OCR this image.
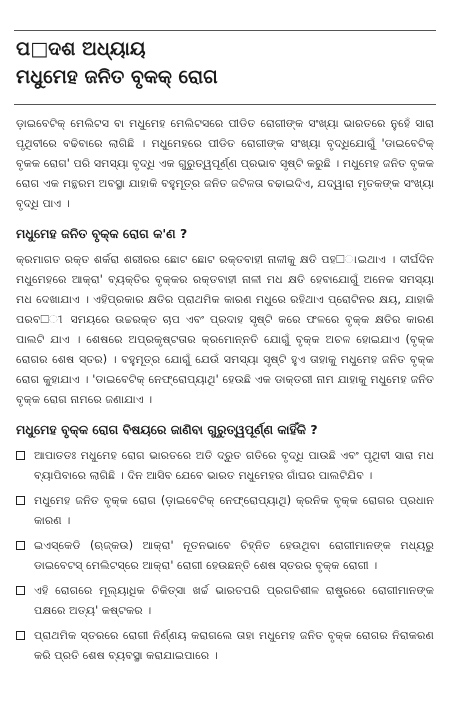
ପ□ଦଶ ଅଧ୍ୟାୟ
ମଧୁମେହ ଜନିତ ବୃକକ୍ ରୋଗ

ଡ଼ାଇବେଟିକ୍ ମେଲିଟସ ବା ମଧୁମେହ ମେଲିଟସରେ ପୀଡିତ ରୋଗୀଙ୍କ ସଂଖ୍ୟା ଭାରତରେ ନୁହେଁ ସାରା ପୃଥିବୀରେ ବଢିବାରେ ଲାଗିଛି । ମଧୁମେହରେ ପୀଡିତ ରୋଗୀଙ୍କ ସଂଖ୍ୟା ବୃଦ୍ଧିଯୋଗୁଁ 'ଡାଇବେଟିକ୍ ବୃକକ ରୋଗ' ପରି ସମସ୍ୟା ବୃଦ୍ଧି ଏକ ଗୁରୁତ୍ୱପୂର୍ଣ୍ଣ ପ୍ରଭାବ ସୃଷ୍ଟି କରୁଛି । ମଧୁମେହ ଜନିତ ବୃକକ ରୋଗ ଏକ ମନ୍ଥରମ ଅବସ୍ଥା ଯାହାକି ବହୁମୂତ୍ର ଜନିତ ଜଟିଳତା ବଢାଇଦିଏ, ଯଦ୍ୱାରା ମୃତକଙ୍କ ସଂଖ୍ୟା ବୃଦ୍ଧି ପାଏ ।

ମଧୁମେହ ଜନିତ ବୃକ୍କ ରୋଗ କ'ଣ ?

କ୍ରମାଗତ ରକ୍ତ ଶର୍କରା ଶରୀରର ଛୋଟ ଛୋଟ ରକ୍ତବାହୀ ନାଳୀକୁ କ୍ଷତି ପହ□ାଇଥାଏ । ଦୀର୍ଘଦିନ ମଧୁମେହରେ ଆକ୍ରା' ବ୍ୟକ୍ତିର ବୃକ୍କର ରକ୍ତବାହୀ ନାଳୀ ମଧ କ୍ଷତି ହେବାଯୋଗୁଁ ଅନେକ ସମସ୍ୟା ମଧ ଦେଖାଯାଏ । ଏହିପ୍ରକାର କ୍ଷତିର ପ୍ରାଥମିକ କାରଣ ମଧୁରେ ରହିଥାଏ ପ୍ରୋଟିନର କ୍ଷୟ, ଯାହାକି ପରବ□ୀ ସମୟରେ ଉଚ୍ଚରକ୍ତ ଚାପ ଏବଂ ପ୍ରଦାହ ସୃଷ୍ଟି କରେ ଫଳରେ ବୃକ୍କ କ୍ଷତିର କାରଣ ପାଲଟି ଯାଏ । ଶେଷରେ ଅପ୍ରକୃଷ୍ଟତାର କ୍ରମୋନ୍ନତି ଯୋଗୁଁ ବୃକ୍କ ଅଚଳ ହୋଇଯାଏ (ବୃକ୍କ ରୋଗର ଶେଷ ସ୍ତର) । ବହୁମୂତ୍ର ଯୋଗୁଁ ଯେଉଁ ସମସ୍ୟା ସୃଷ୍ଟି ହୁଏ ତାହାକୁ ମଧୁମେହ ଜନିତ ବୃକ୍କ ରୋଗ କୁହାଯାଏ । 'ଡାଇବେଟିକ୍ ନେଫ୍ରୋପ୍ୟାଥି' ହେଉଛି ଏକ ଡାକ୍ତରୀ ନାମ ଯାହାକୁ ମଧୁମେହ ଜନିତ ବୃକ୍କ ରୋଗ ନାମରେ ଜଣାଯାଏ ।

ମଧୁମେହ ବୃକ୍କ ରୋଗ ବିଷୟରେ ଜାଣିବା ଗୁରୁତ୍ୱପୂର୍ଣ୍ଣ କାହିଁକି ?
ଆପାତତଃ ମଧୁମେହ ରୋଗ ଭାରତରେ ଅତି ଦ୍ରୁତ ଗତିରେ ବୃଦ୍ଧି ପାଉଛି ଏବଂ ପୃଥିବୀ ସାରା ମଧ ବ୍ୟାପିବାରେ ଲାଗିଛି । ଦିନ ଆସିବ ଯେବେ ଭାରତ ମଧୁମେହର ଗାଁଘର ପାଲଟିଯିବ ।
ମଧୁମେହ ଜନିତ ବୃକ୍କ ରୋଗ (ଡ଼ାଇବେଟିକ୍ ନେଫ୍ରୋପ୍ୟାଥି) କ୍ରନିକ ବୃକ୍କ ରୋଗର ପ୍ରଧାନ କାରଣ ।
ଇଏସ୍‌କେଡି (ଋଜ୍‌କଉ) ଆକ୍ରା' ନୂତନଭାବେ ଚିହ୍ନିତ ହେଉଥିବା ରୋଗୀମାନଙ୍କ ମଧ୍ୟରୁ ଡାଇବେଟସ୍ ମେଲିଟସ୍‌ରେ ଆକ୍ରା' ରୋଗୀ ହେଉଛନ୍ତି ଶେଷ ସ୍ତରର ବୃକ୍କ ରୋଗୀ ।
ଏହି ରୋଗରେ ମୂଲ୍ୟାଧିକ ଚିକିତ୍ସା ଖର୍ଚ୍ଚ ଭାରତପରି ପ୍ରଗତିଶୀଳ ରାଷ୍ଟ୍ରରେ ରୋଗୀମାନଙ୍କ ପକ୍ଷରେ ଅତ୍ୟ' କଷ୍ଟକର ।
ପ୍ରାଥମିକ ସ୍ତରରେ ରୋଗୀ ନିର୍ଣ୍ଣୟ କରାଗଲେ ତାହା ମଧୁମେହ ଜନିତ ବୃକ୍କ ରୋଗର ନିରାକରଣ କରି ପ୍ରତି ଶେଷ ବ୍ୟବସ୍ଥା କରାଯାଇପାରେ ।
